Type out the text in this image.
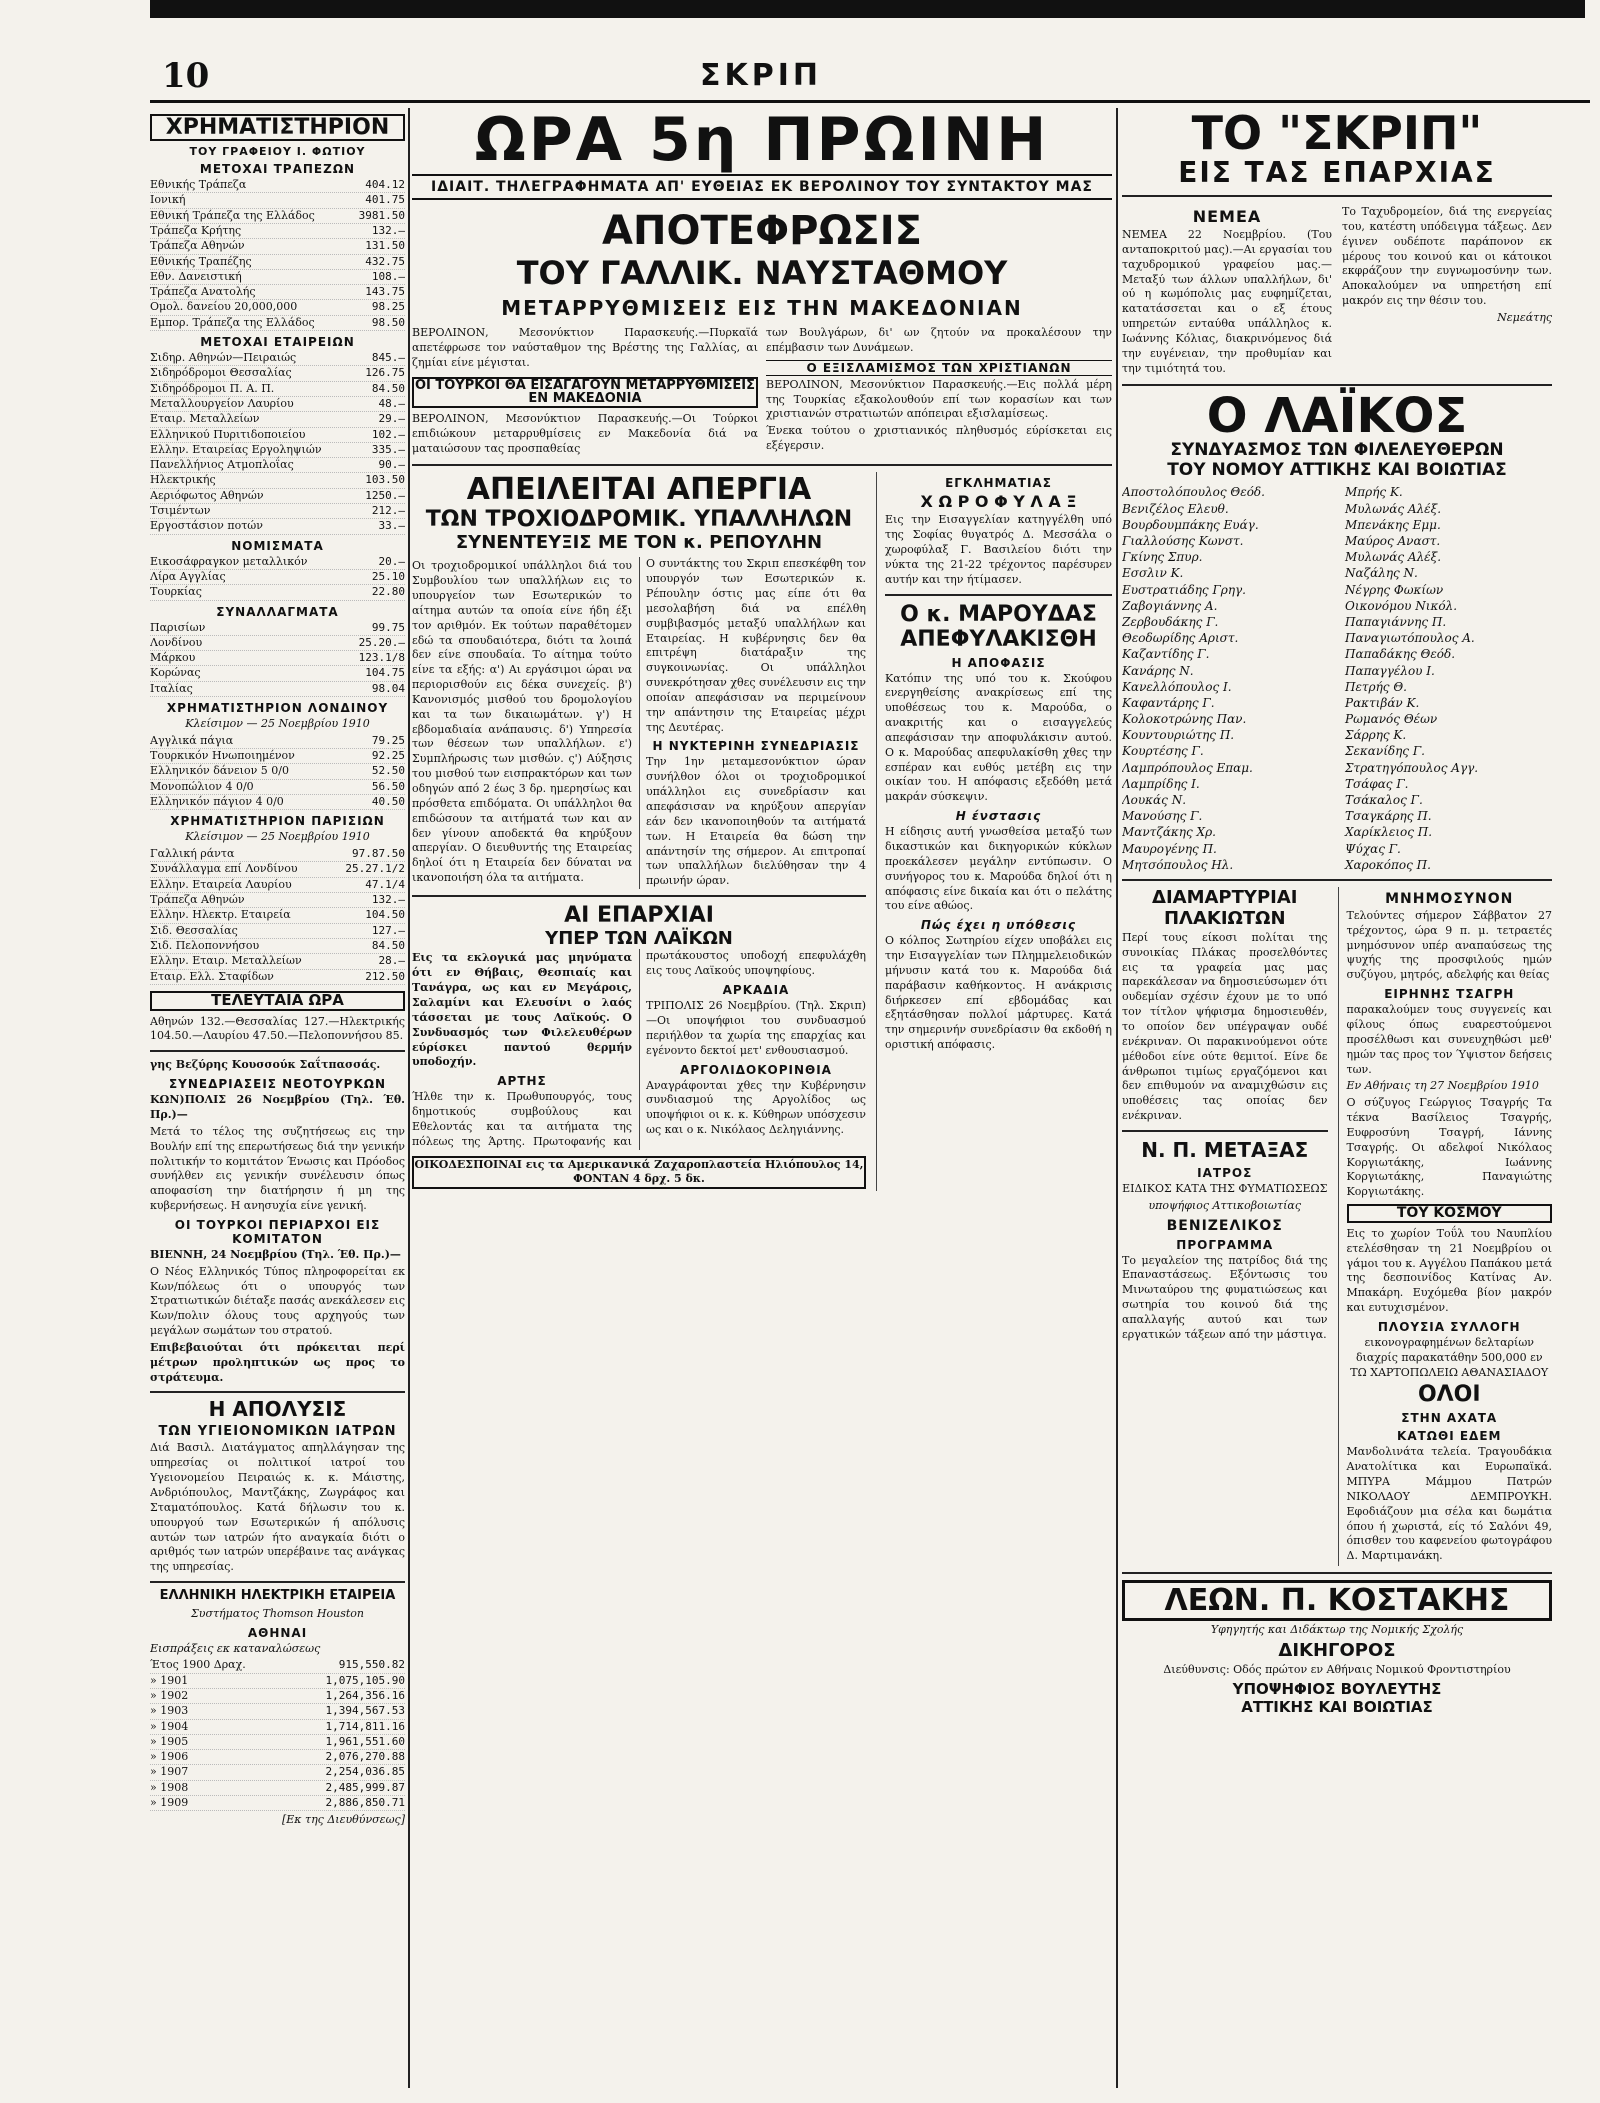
10	ΣΚΡΙΠ
ΧΡΗΜΑΤΙΣΤΗΡΙΟΝ
ΤΟΥ ΓΡΑΦΕΙΟΥ Ι. ΦΩΤΙΟΥ
ΜΕΤΟΧΑΙ ΤΡΑΠΕΖΩΝ
Εθνικής Τράπεζα	404.12
Ιονική	401.75
Εθνική Τράπεζα της Ελλάδος	3981.50
Τράπεζα Κρήτης	132.—
Τράπεζα Αθηνών	131.50
Εθνικής Τραπέζης	432.75
Εθν. Δανειστική	108.—
Τράπεζα Ανατολής	143.75
Ομολ. δανείου 20,000,000	98.25
Εμπορ. Τράπεζα της Ελλάδος	98.50
ΜΕΤΟΧΑΙ ΕΤΑΙΡΕΙΩΝ
Σιδηρ. Αθηνών—Πειραιώς	845.—
Σιδηρόδρομοι Θεσσαλίας	126.75
Σιδηρόδρομοι Π. Α. Π.	84.50
Μεταλλουργείον Λαυρίου	48.—
Εταιρ. Μεταλλείων	29.—
Ελληνικού Πυριτιδοποιείου	102.—
Ελλην. Εταιρείας Εργοληψιών	335.—
Πανελλήνιος Ατμοπλοΐας	90.—
Ηλεκτρικής	103.50
Αεριόφωτος Αθηνών	1250.—
Τσιμέντων	212.—
Εργοστάσιον ποτών	33.—
ΝΟΜΙΣΜΑΤΑ
Εικοσάφραγκον μεταλλικόν	20.—
Λίρα Αγγλίας	25.10
Τουρκίας	22.80
ΣΥΝΑΛΛΑΓΜΑΤΑ
Παρισίων	99.75
Λονδίνου	25.20.—
Μάρκου	123.1/8
Κορώνας	104.75
Ιταλίας	98.04
ΧΡΗΜΑΤΙΣΤΗΡΙΟΝ ΛΟΝΔΙΝΟΥ
Κλείσιμον — 25 Νοεμβρίου 1910
Αγγλικά πάγια	79.25
Τουρκικόν Ηνωποιημένον	92.25
Ελληνικόν δάνειον 5 0/0	52.50
Μονοπώλιον 4 0/0	56.50
Ελληνικόν πάγιον 4 0/0	40.50
ΧΡΗΜΑΤΙΣΤΗΡΙΟΝ ΠΑΡΙΣΙΩΝ
Κλείσιμον — 25 Νοεμβρίου 1910
Γαλλική ράντα	97.87.50
Συνάλλαγμα επί Λονδίνου	25.27.1/2
Ελλην. Εταιρεία Λαυρίου	47.1/4
Τράπεζα Αθηνών	132.—
Ελλην. Ηλεκτρ. Εταιρεία	104.50
Σιδ. Θεσσαλίας	127.—
Σιδ. Πελοποννήσου	84.50
Ελλην. Εταιρ. Μεταλλείων	28.—
Εταιρ. Ελλ. Σταφίδων	212.50
ΤΕΛΕΥΤΑΙΑ ΩΡΑ
Αθηνών 132.—Θεσσαλίας 127.—Ηλεκτρικής 104.50.—Λαυρίου 47.50.—Πελοποννήσου 85.
γης Βεζύρης Κουσσούκ Σαΐτπασσάς.
ΣΥΝΕΔΡΙΑΣΕΙΣ ΝΕΟΤΟΥΡΚΩΝ
ΚΩΝ)ΠΟΛΙΣ 26 Νοεμβρίου (Τηλ. Έθ. Πρ.)—
Μετά το τέλος της συζητήσεως εις την Βουλήν επί της επερωτήσεως διά την γενικήν πολιτικήν το κομιτάτον Ένωσις και Πρόοδος συνήλθεν εις γενικήν συνέλευσιν όπως αποφασίση την διατήρησιν ή μη της κυβερνήσεως. Η ανησυχία είνε γενική.
ΟΙ ΤΟΥΡΚΟΙ ΠΕΡΙΑΡΧΟΙ ΕΙΣ ΚΟΜΙΤΑΤΟΝ
ΒΙΕΝΝΗ, 24 Νοεμβρίου (Τηλ. Έθ. Πρ.)—
Ο Νέος Ελληνικός Τύπος πληροφορείται εκ Κων/πόλεως ότι ο υπουργός των Στρατιωτικών διέταξε πασάς ανεκάλεσεν εις Κων/πολιν όλους τους αρχηγούς των μεγάλων σωμάτων του στρατού.
Επιβεβαιούται ότι πρόκειται περί μέτρων προληπτικών ως προς το στράτευμα.
Η ΑΠΟΛΥΣΙΣ
ΤΩΝ ΥΓΙΕΙΟΝΟΜΙΚΩΝ ΙΑΤΡΩΝ
Διά Βασιλ. Διατάγματος απηλλάγησαν της υπηρεσίας οι πολιτικοί ιατροί του Υγειονομείου Πειραιώς κ. κ. Μάιστης, Ανδριόπουλος, Μαντζάκης, Ζωγράφος και Σταματόπουλος. Κατά δήλωσιν του κ. υπουργού των Εσωτερικών ή απόλυσις αυτών των ιατρών ήτο αναγκαία διότι ο αριθμός των ιατρών υπερέβαινε τας ανάγκας της υπηρεσίας.
ΕΛΛΗΝΙΚΗ ΗΛΕΚΤΡΙΚΗ ΕΤΑΙΡΕΙΑ
Συστήματος Thomson Houston
ΑΘΗΝΑΙ
Εισπράξεις εκ καταναλώσεως
Έτος 1900 Δραχ.	915,550.82
» 1901	1,075,105.90
» 1902	1,264,356.16
» 1903	1,394,567.53
» 1904	1,714,811.16
» 1905	1,961,551.60
» 1906	2,076,270.88
» 1907	2,254,036.85
» 1908	2,485,999.87
» 1909	2,886,850.71
[Εκ της Διευθύνσεως]
ΩΡΑ 5η ΠΡΩΙΝΗ
ΙΔΙΑΙΤ. ΤΗΛΕΓΡΑΦΗΜΑΤΑ ΑΠ' ΕΥΘΕΙΑΣ ΕΚ ΒΕΡΟΛΙΝΟΥ ΤΟΥ ΣΥΝΤΑΚΤΟΥ ΜΑΣ
ΑΠΟΤΕΦΡΩΣΙΣ
ΤΟΥ ΓΑΛΛΙΚ. ΝΑΥΣΤΑΘΜΟΥ
ΜΕΤΑΡΡΥΘΜΙΣΕΙΣ ΕΙΣ ΤΗΝ ΜΑΚΕΔΟΝΙΑΝ
ΒΕΡΟΛΙΝΟΝ, Μεσονύκτιον Παρασκευής.—Πυρκαϊά απετέφρωσε τον ναύσταθμον της Βρέστης της Γαλλίας, αι ζημίαι είνε μέγισται.
ΟΙ ΤΟΥΡΚΟΙ ΘΑ ΕΙΣΑΓΑΓΟΥΝ ΜΕΤΑΡΡΥΘΜΙΣΕΙΣ ΕΝ ΜΑΚΕΔΟΝΙΑ
ΒΕΡΟΛΙΝΟΝ, Μεσονύκτιον Παρασκευής.—Οι Τούρκοι επιδιώκουν μεταρρυθμίσεις εν Μακεδονία διά να ματαιώσουν τας προσπαθείας
των Βουλγάρων, δι' ων ζητούν να προκαλέσουν την επέμβασιν των Δυνάμεων.
Ο ΕΞΙΣΛΑΜΙΣΜΟΣ ΤΩΝ ΧΡΙΣΤΙΑΝΩΝ
ΒΕΡΟΛΙΝΟΝ, Μεσονύκτιον Παρασκευής.—Εις πολλά μέρη της Τουρκίας εξακολουθούν επί των κορασίων και των χριστιανών στρατιωτών απόπειραι εξισλαμίσεως.
Ένεκα τούτου ο χριστιανικός πληθυσμός εύρίσκεται εις εξέγερσιν.
ΑΠΕΙΛΕΙΤΑΙ ΑΠΕΡΓΙΑ
ΤΩΝ ΤΡΟΧΙΟΔΡΟΜΙΚ. ΥΠΑΛΛΗΛΩΝ
ΣΥΝΕΝΤΕΥΞΙΣ ΜΕ ΤΟΝ κ. ΡΕΠΟΥΛΗΝ
Οι τροχιοδρομικοί υπάλληλοι διά του Συμβουλίου των υπαλλήλων εις το υπουργείον των Εσωτερικών το αίτημα αυτών τα οποία είνε ήδη έξι τον αριθμόν. Εκ τούτων παραθέτομεν εδώ τα σπουδαιότερα, διότι τα λοιπά δεν είνε σπουδαία. Το αίτημα τούτο είνε τα εξής: α') Αι εργάσιμοι ώραι να περιορισθούν εις δέκα συνεχείς. β') Κανονισμός μισθού του δρομολογίου και τα των δικαιωμάτων. γ') Η εβδομαδιαία ανάπαυσις. δ') Υπηρεσία των θέσεων των υπαλλήλων. ε') Συμπλήρωσις των μισθών. ς') Αύξησις του μισθού των εισπρακτόρων και των οδηγών από 2 έως 3 δρ. ημερησίως και πρόσθετα επιδόματα. Οι υπάλληλοι θα επιδώσουν τα αιτήματά των και αν δεν γίνουν αποδεκτά θα κηρύξουν απεργίαν. Ο διευθυντής της Εταιρείας δηλοί ότι η Εταιρεία δεν δύναται να ικανοποιήση όλα τα αιτήματα.
Ο συντάκτης του Σκριπ επεσκέφθη τον υπουργόν των Εσωτερικών κ. Ρέπουλην όστις μας είπε ότι θα μεσολαβήση διά να επέλθη συμβιβασμός μεταξύ υπαλλήλων και Εταιρείας. Η κυβέρνησις δεν θα επιτρέψη διατάραξιν της συγκοινωνίας. Οι υπάλληλοι συνεκρότησαν χθες συνέλευσιν εις την οποίαν απεφάσισαν να περιμείνουν την απάντησιν της Εταιρείας μέχρι της Δευτέρας.
Η ΝΥΚΤΕΡΙΝΗ ΣΥΝΕΔΡΙΑΣΙΣ
Την 1ην μεταμεσονύκτιον ώραν συνήλθον όλοι οι τροχιοδρομικοί υπάλληλοι εις συνεδρίασιν και απεφάσισαν να κηρύξουν απεργίαν εάν δεν ικανοποιηθούν τα αιτήματά των. Η Εταιρεία θα δώση την απάντησίν της σήμερον. Αι επιτροπαί των υπαλλήλων διελύθησαν την 4 πρωινήν ώραν.
ΑΙ ΕΠΑΡΧΙΑΙ
ΥΠΕΡ ΤΩΝ ΛΑΪΚΩΝ
Εις τα εκλογικά μας μηνύματα ότι εν Θήβαις, Θεσπιαίς και Τανάγρα, ως και εν Μεγάροις, Σαλαμίνι και Ελευσίνι ο λαός τάσσεται με τους Λαϊκούς. Ο Συνδυασμός των Φιλελευθέρων εύρίσκει παντού θερμήν υποδοχήν.
ΑΡΤΗΣ
Ήλθε την κ. Πρωθυπουργός, τους δημοτικούς συμβούλους και Εθελοντάς και τα αιτήματα της πόλεως της Άρτης. Πρωτοφανής και πρωτάκουστος υποδοχή επεφυλάχθη εις τους Λαϊκούς υποψηφίους.
ΑΡΚΑΔΙΑ
ΤΡΙΠΟΛΙΣ 26 Νοεμβρίου. (Τηλ. Σκριπ)—Οι υποψήφιοι του συνδυασμού περιήλθον τα χωρία της επαρχίας και εγένοντο δεκτοί μετ' ενθουσιασμού.
ΑΡΓΟΛΙΔΟΚΟΡΙΝΘΙΑ
Αναγράφονται χθες την Κυβέρνησιν συνδιασμού της Αργολίδος ως υποψήφιοι οι κ. κ. Κύθηρων υπόσχεσιν ως και ο κ. Νικόλαος Δεληγιάννης.
ΟΙΚΟΔΕΣΠΟΙΝΑΙ εις τα Αμερικανικά Ζαχαροπλαστεία Ηλιόπουλος 14, ΦΟΝΤΑΝ 4 δρχ. 5 δκ.
ΕΓΚΛΗΜΑΤΙΑΣ
Χ Ω Ρ Ο Φ Υ Λ Α Ξ
Εις την Εισαγγελίαν κατηγγέλθη υπό της Σοφίας θυγατρός Δ. Μεσσάλα ο χωροφύλαξ Γ. Βασιλείου διότι την νύκτα της 21-22 τρέχοντος παρέσυρεν αυτήν και την ήτίμασεν.
Ο κ. ΜΑΡΟΥΔΑΣ
ΑΠΕΦΥΛΑΚΙΣΘΗ
Η ΑΠΟΦΑΣΙΣ
Κατόπιν της υπό του κ. Σκούφου ενεργηθείσης ανακρίσεως επί της υποθέσεως του κ. Μαρούδα, ο ανακριτής και ο εισαγγελεύς απεφάσισαν την αποφυλάκισιν αυτού. Ο κ. Μαρούδας απεφυλακίσθη χθες την εσπέραν και ευθύς μετέβη εις την οικίαν του. Η απόφασις εξεδόθη μετά μακράν σύσκεψιν.
Η ένστασις
Η είδησις αυτή γνωσθείσα μεταξύ των δικαστικών και δικηγορικών κύκλων προεκάλεσεν μεγάλην εντύπωσιν. Ο συνήγορος του κ. Μαρούδα δηλοί ότι η απόφασις είνε δικαία και ότι ο πελάτης του είνε αθώος.
Πώς έχει η υπόθεσις
Ο κόλπος Σωτηρίου είχεν υποβάλει εις την Εισαγγελίαν των Πλημμελειοδικών μήνυσιν κατά του κ. Μαρούδα διά παράβασιν καθήκοντος. Η ανάκρισις διήρκεσεν επί εβδομάδας και εξητάσθησαν πολλοί μάρτυρες. Κατά την σημερινήν συνεδρίασιν θα εκδοθή η οριστική απόφασις.
ΤΟ "ΣΚΡΙΠ"
ΕΙΣ ΤΑΣ ΕΠΑΡΧΙΑΣ
ΝΕΜΕΑ
ΝΕΜΕΑ 22 Νοεμβρίου. (Του ανταποκριτού μας).—Αι εργασίαι του ταχυδρομικού γραφείου μας.—Μεταξύ των άλλων υπαλλήλων, δι' ού η κωμόπολις μας ευφημίζεται, κατατάσσεται και ο εξ έτους υπηρετών ενταύθα υπάλληλος κ. Ιωάννης Κόλιας, διακρινόμενος διά την ευγένειαν, την προθυμίαν και την τιμιότητά του.
Το Ταχυδρομείον, διά της ενεργείας του, κατέστη υπόδειγμα τάξεως. Δεν έγινεν ουδέποτε παράπονον εκ μέρους του κοινού και οι κάτοικοι εκφράζουν την ευγνωμοσύνην των. Αποκαλούμεν να υπηρετήση επί μακρόν εις την θέσιν του.
Νεμεάτης
Ο ΛΑΪΚΟΣ
ΣΥΝΔΥΑΣΜΟΣ ΤΩΝ ΦΙΛΕΛΕΥΘΕΡΩΝ
ΤΟΥ ΝΟΜΟΥ ΑΤΤΙΚΗΣ ΚΑΙ ΒΟΙΩΤΙΑΣ
Αποστολόπουλος Θεόδ.
Βενιζέλος Ελευθ.
Βουρδουμπάκης Ευάγ.
Γιαλλούσης Κωνστ.
Γκίνης Σπυρ.
Εσσλιν Κ.
Ευστρατιάδης Γρηγ.
Ζαβογιάννης Α.
Ζερβουδάκης Γ.
Θεοδωρίδης Αριστ.
Καζαντίδης Γ.
Κανάρης Ν.
Κανελλόπουλος Ι.
Καφαντάρης Γ.
Κολοκοτρώνης Παν.
Κουντουριώτης Π.
Κουρτέσης Γ.
Λαμπρόπουλος Επαμ.
Λαμπρίδης Ι.
Λουκάς Ν.
Μανούσης Γ.
Μαντζάκης Χρ.
Μαυρογένης Π.
Μητσόπουλος Ηλ.
Μπρής Κ.
Μυλωνάς Αλέξ.
Μπενάκης Εμμ.
Μαύρος Αναστ.
Μυλωνάς Αλέξ.
Ναζάλης Ν.
Νέγρης Φωκίων
Οικονόμου Νικόλ.
Παπαγιάννης Π.
Παναγιωτόπουλος Α.
Παπαδάκης Θεόδ.
Παπαγγέλου Ι.
Πετρής Θ.
Ρακτιβάν Κ.
Ρωμανός Θέων
Σάρρης Κ.
Σεκανίδης Γ.
Στρατηγόπουλος Αγγ.
Τσάφας Γ.
Τσάκαλος Γ.
Τσαγκάρης Π.
Χαρίκλειος Π.
Ψύχας Γ.
Χαροκόπος Π.
ΔΙΑΜΑΡΤΥΡΙΑΙ
ΠΛΑΚΙΩΤΩΝ
Περί τους είκοσι πολίται της συνοικίας Πλάκας προσελθόντες εις τα γραφεία μας μας παρεκάλεσαν να δημοσιεύσωμεν ότι ουδεμίαν σχέσιν έχουν με το υπό τον τίτλον ψήφισμα δημοσιευθέν, το οποίον δεν υπέγραψαν ουδέ ενέκριναν. Οι παρακινούμενοι ούτε μέθοδοι είνε ούτε θεμιτοί. Είνε δε άνθρωποι τιμίως εργαζόμενοι και δεν επιθυμούν να αναμιχθώσιν εις υποθέσεις τας οποίας δεν ενέκριναν.
Ν. Π. ΜΕΤΑΞΑΣ
ΙΑΤΡΟΣ
ΕΙΔΙΚΟΣ ΚΑΤΑ ΤΗΣ ΦΥΜΑΤΙΩΣΕΩΣ
υποψήφιος Αττικοβοιωτίας
ΒΕΝΙΖΕΛΙΚΟΣ
ΠΡΟΓΡΑΜΜΑ
Το μεγαλείον της πατρίδος διά της Επαναστάσεως. Εξόντωσις του Μινωταύρου της φυματιώσεως και σωτηρία του κοινού διά της απαλλαγής αυτού και των εργατικών τάξεων από την μάστιγα.
ΜΝΗΜΟΣΥΝΟΝ
Τελούντες σήμερον Σάββατον 27 τρέχοντος, ώρα 9 π. μ. τετραετές μνημόσυνον υπέρ αναπαύσεως της ψυχής της προσφιλούς ημών συζύγου, μητρός, αδελφής και θείας
ΕΙΡΗΝΗΣ ΤΣΑΓΡΗ
παρακαλούμεν τους συγγενείς και φίλους όπως ευαρεστούμενοι προσέλθωσι και συνευχηθώσι μεθ' ημών τας προς τον Ύψιστον δεήσεις των.
Εν Αθήναις τη 27 Νοεμβρίου 1910
Ο σύζυγος Γεώργιος Τσαγρής Τα τέκνα Βασίλειος Τσαγρής, Ευφροσύνη Τσαγρή, Ιάννης Τσαγρής. Οι αδελφοί Νικόλαος Κοργιωτάκης, Ιωάννης Κοργιωτάκης, Παναγιώτης Κοργιωτάκης.
ΤΟΥ ΚΟΣΜΟΥ
Εις το χωρίον Τοΰλ του Ναυπλίου ετελέσθησαν τη 21 Νοεμβρίου οι γάμοι του κ. Αγγέλου Παπάκου μετά της δεσποινίδος Κατίνας Αν. Μπακάρη. Ευχόμεθα βίον μακρόν και ευτυχισμένον.
ΠΛΟΥΣΙΑ ΣΥΛΛΟΓΗ
εικονογραφημένων δελταρίων διαχρίς παρακατάθην 500,000 εν ΤΩ ΧΑΡΤΟΠΩΛΕΙΩ ΑΘΑΝΑΣΙΑΔΟΥ
ΟΛΟΙ
ΣΤΗΝ ΑΧΑΤΑ
ΚΑΤΩΘΙ ΕΔΕΜ
Μανδολινάτα τελεία. Τραγουδάκια Ανατολίτικα και Ευρωπαϊκά. ΜΠΥΡΑ Μάμμου Πατρών ΝΙΚΟΛΑΟΥ ΔΕΜΠΡΟΥΚΗ. Εφοδιάζουν μια σέλα και δωμάτια όπου ή χωριστά, είς τό Σαλόνι 49, όπισθεν του καφενείου φωτογράφου Δ. Μαρτιμανάκη.
ΛΕΩΝ. Π. ΚΟΣΤΑΚΗΣ
Υφηγητής και Διδάκτωρ της Νομικής Σχολής
ΔΙΚΗΓΟΡΟΣ
Διεύθυνσις: Οδός πρώτον εν Αθήναις Νομικού Φροντιστηρίου
ΥΠΟΨΗΦΙΟΣ ΒΟΥΛΕΥΤΗΣ
ΑΤΤΙΚΗΣ ΚΑΙ ΒΟΙΩΤΙΑΣ
